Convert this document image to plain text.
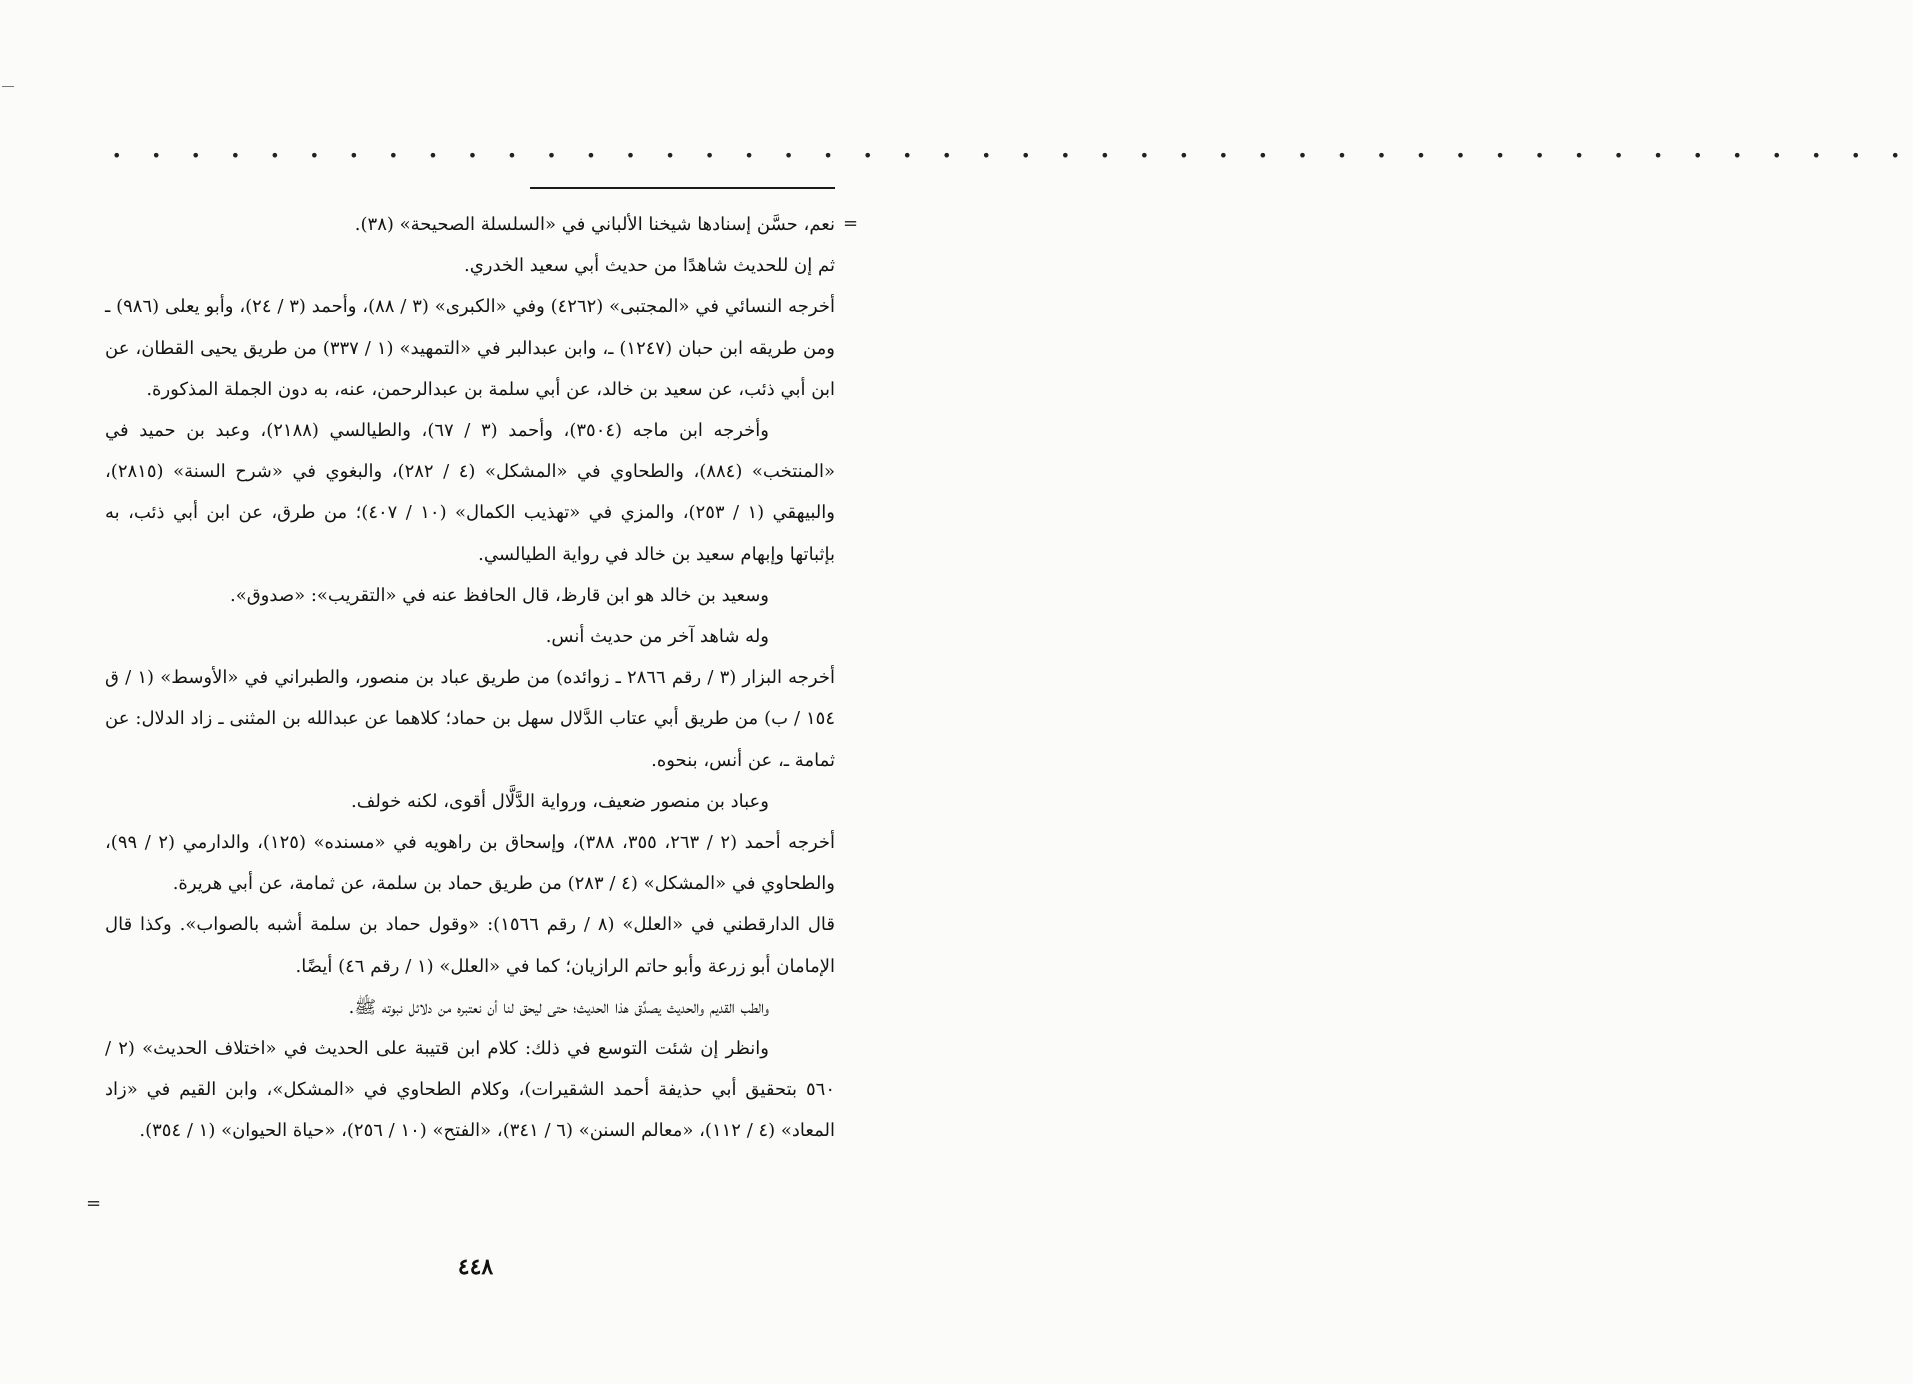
• • • • • • • • • • • • • • • • • • • • • • • • • • • • • • • • • • • • • • • • • • • • • •
=

نعم، حسَّن إسنادها شيخنا الألباني في «السلسلة الصحيحة» (٣٨).

ثم إن للحديث شاهدًا من حديث أبي سعيد الخدري.

أخرجه النسائي في «المجتبى» (٤٢٦٢) وفي «الكبرى» (٣ / ٨٨)، وأحمد (٣ / ٢٤)، وأبو يعلى (٩٨٦) ـ ومن طريقه ابن حبان (١٢٤٧) ـ، وابن عبدالبر في «التمهيد» (١ / ٣٣٧) من طريق يحيى القطان، عن ابن أبي ذئب، عن سعيد بن خالد، عن أبي سلمة بن عبدالرحمن، عنه، به دون الجملة المذكورة.

وأخرجه ابن ماجه (٣٥٠٤)، وأحمد (٣ / ٦٧)، والطيالسي (٢١٨٨)، وعبد بن حميد في «المنتخب» (٨٨٤)، والطحاوي في «المشكل» (٤ / ٢٨٢)، والبغوي في «شرح السنة» (٢٨١٥)، والبيهقي (١ / ٢٥٣)، والمزي في «تهذيب الكمال» (١٠ / ٤٠٧)؛ من طرق، عن ابن أبي ذئب، به بإثباتها وإبهام سعيد بن خالد في رواية الطيالسي.

وسعيد بن خالد هو ابن قارظ، قال الحافظ عنه في «التقريب»: «صدوق».

وله شاهد آخر من حديث أنس.

أخرجه البزار (٣ / رقم ٢٨٦٦ ـ زوائده) من طريق عباد بن منصور، والطبراني في «الأوسط» (١ / ق ١٥٤ / ب) من طريق أبي عتاب الدَّلال سهل بن حماد؛ كلاهما عن عبدالله بن المثنى ـ زاد الدلال: عن ثمامة ـ، عن أنس، بنحوه.

وعباد بن منصور ضعيف، ورواية الدَّلَّال أقوى، لكنه خولف.

أخرجه أحمد (٢ / ٢٦٣، ٣٥٥، ٣٨٨)، وإسحاق بن راهويه في «مسنده» (١٢٥)، والدارمي (٢ / ٩٩)، والطحاوي في «المشكل» (٤ / ٢٨٣) من طريق حماد بن سلمة، عن ثمامة، عن أبي هريرة.

قال الدارقطني في «العلل» (٨ / رقم ١٥٦٦): «وقول حماد بن سلمة أشبه بالصواب». وكذا قال الإمامان أبو زرعة وأبو حاتم الرازيان؛ كما في «العلل» (١ / رقم ٤٦) أيضًا.

والطب القديم والحديث يصدِّق هذا الحديث؛ حتى ليحق لنا أن نعتبره من دلائل نبوته ﷺ.

وانظر إن شئت التوسع في ذلك: كلام ابن قتيبة على الحديث في «اختلاف الحديث» (٢ / ٥٦٠ بتحقيق أبي حذيفة أحمد الشقيرات)، وكلام الطحاوي في «المشكل»، وابن القيم في «زاد المعاد» (٤ / ١١٢)، «معالم السنن» (٦ / ٣٤١)، «الفتح» (١٠ / ٢٥٦)، «حياة الحيوان» (١ / ٣٥٤).

=
٤٤٨
